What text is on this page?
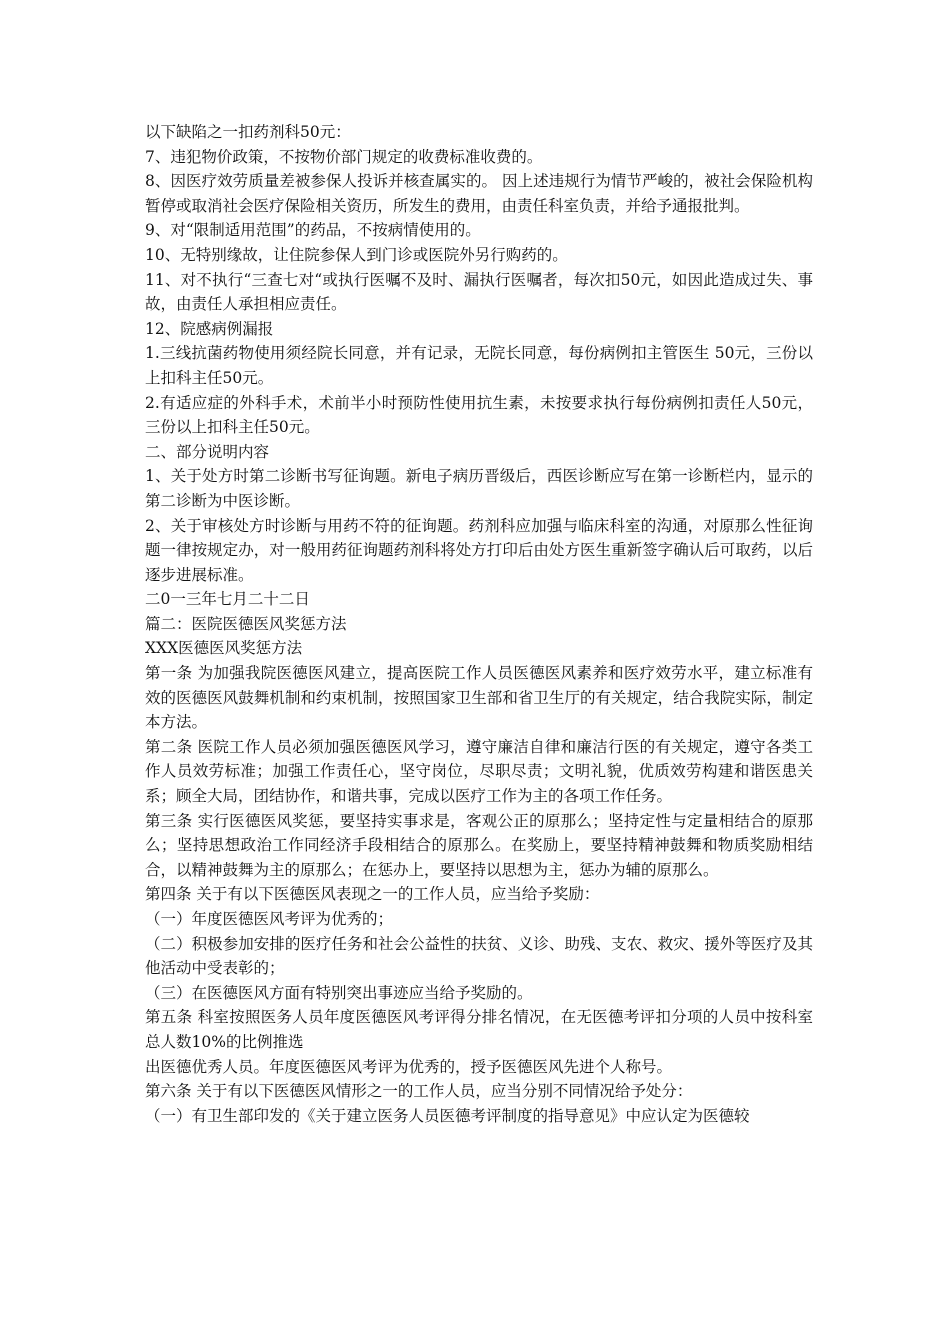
以下缺陷之一扣药剂科50元：

7、违犯物价政策，不按物价部门规定的收费标准收费的。

8、因医疗效劳质量差被参保人投诉并核查属实的。 因上述违规行为情节严峻的，被社会保险机构暂停或取消社会医疗保险相关资历，所发生的费用，由责任科室负责，并给予通报批判。

9、对“限制适用范围”的药品，不按病情使用的。

10、无特别缘故，让住院参保人到门诊或医院外另行购药的。

11、对不执行“三查七对“或执行医嘱不及时、漏执行医嘱者，每次扣50元，如因此造成过失、事故，由责任人承担相应责任。

12、院感病例漏报

1.三线抗菌药物使用须经院长同意，并有记录，无院长同意，每份病例扣主管医生 50元，三份以上扣科主任50元。

2.有适应症的外科手术，术前半小时预防性使用抗生素，未按要求执行每份病例扣责任人50元，三份以上扣科主任50元。

二、部分说明内容

1、关于处方时第二诊断书写征询题。新电子病历晋级后，西医诊断应写在第一诊断栏内，显示的第二诊断为中医诊断。

2、关于审核处方时诊断与用药不符的征询题。药剂科应加强与临床科室的沟通，对原那么性征询题一律按规定办，对一般用药征询题药剂科将处方打印后由处方医生重新签字确认后可取药，以后逐步进展标准。

二0一三年七月二十二日

篇二：医院医德医风奖惩方法

XXX医德医风奖惩方法

第一条 为加强我院医德医风建立，提高医院工作人员医德医风素养和医疗效劳水平，建立标准有效的医德医风鼓舞机制和约束机制，按照国家卫生部和省卫生厅的有关规定，结合我院实际，制定本方法。

第二条 医院工作人员必须加强医德医风学习，遵守廉洁自律和廉洁行医的有关规定，遵守各类工作人员效劳标准；加强工作责任心，坚守岗位，尽职尽责；文明礼貌，优质效劳构建和谐医患关系；顾全大局，团结协作，和谐共事，完成以医疗工作为主的各项工作任务。

第三条 实行医德医风奖惩，要坚持实事求是，客观公正的原那么；坚持定性与定量相结合的原那么；坚持思想政治工作同经济手段相结合的原那么。在奖励上，要坚持精神鼓舞和物质奖励相结合，以精神鼓舞为主的原那么；在惩办上，要坚持以思想为主，惩办为辅的原那么。

第四条 关于有以下医德医风表现之一的工作人员，应当给予奖励：

（一）年度医德医风考评为优秀的；

（二）积极参加安排的医疗任务和社会公益性的扶贫、义诊、助残、支农、救灾、援外等医疗及其他活动中受表彰的；

（三）在医德医风方面有特别突出事迹应当给予奖励的。

第五条 科室按照医务人员年度医德医风考评得分排名情况，在无医德考评扣分项的人员中按科室总人数10%的比例推选

出医德优秀人员。年度医德医风考评为优秀的，授予医德医风先进个人称号。

第六条 关于有以下医德医风情形之一的工作人员，应当分别不同情况给予处分：

（一）有卫生部印发的《关于建立医务人员医德考评制度的指导意见》中应认定为医德较
